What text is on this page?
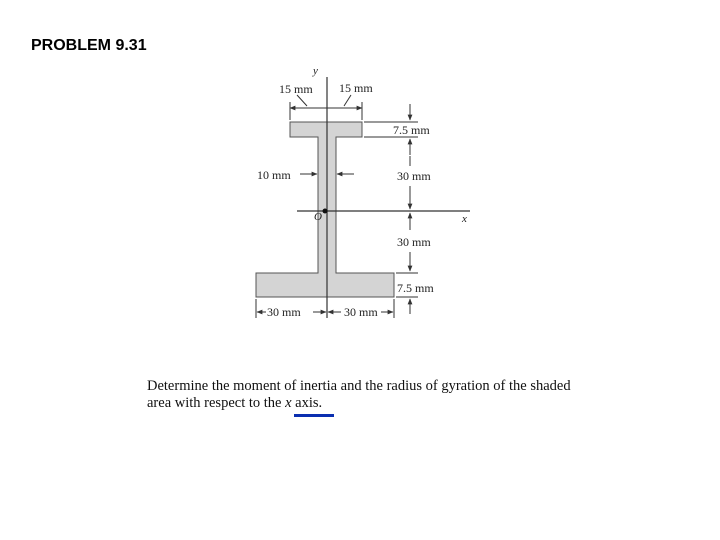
PROBLEM 9.31
y
x
O
15 mm 15 mm
10 mm
7.5 mm
30 mm
30 mm
7.5 mm
30 mm	30 mm
Determine the moment of inertia and the radius of gyration of the shaded
area with respect to the x axis.
